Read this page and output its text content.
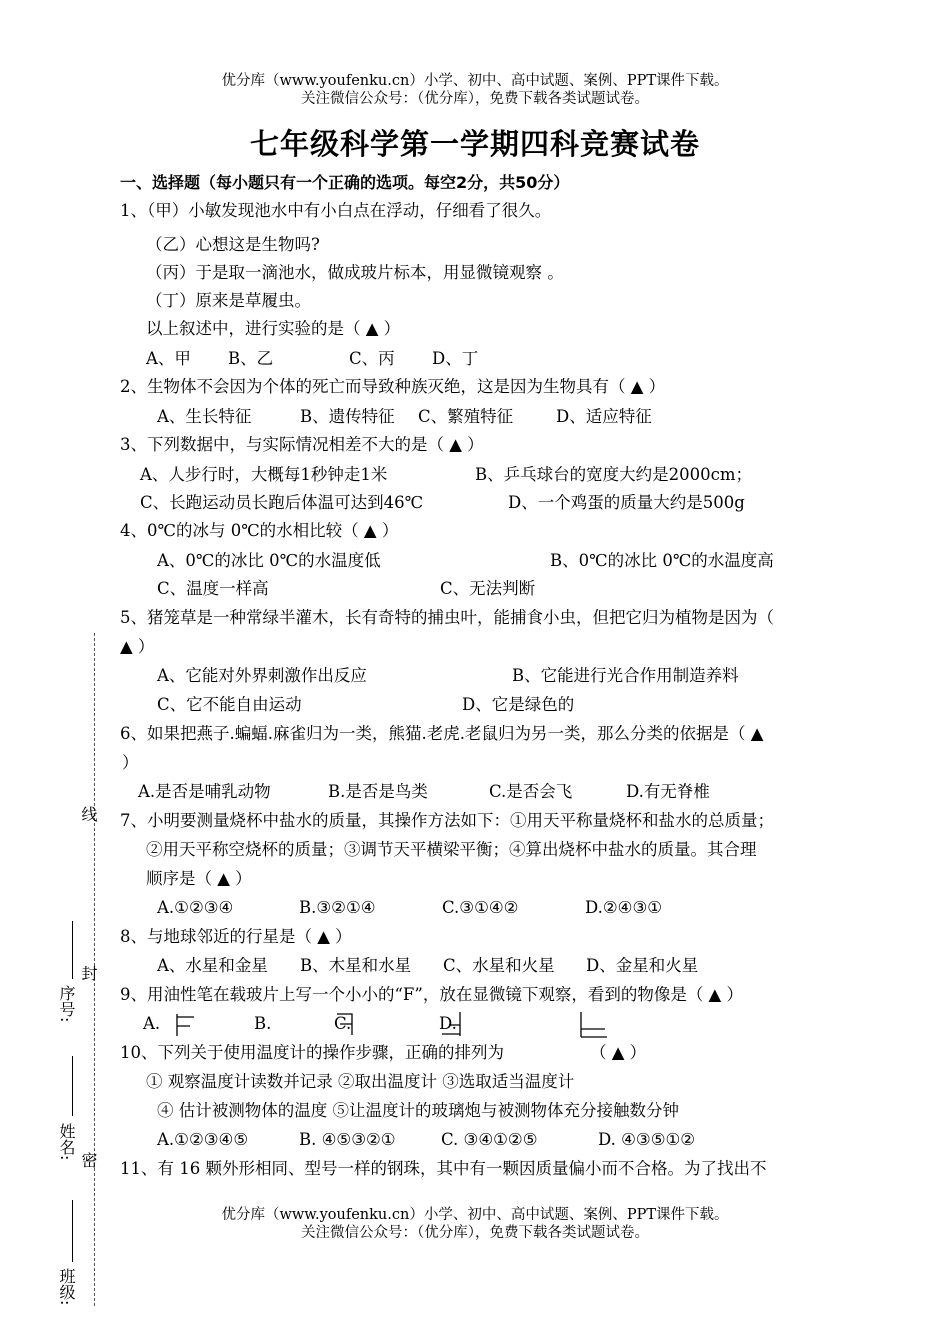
优分库（www.youfenku.cn）小学、初中、高中试题、案例、PPT课件下载。
关注微信公众号：（优分库），免费下载各类试题试卷。
七年级科学第一学期四科竞赛试卷
一、选择题（每小题只有一个正确的选项。每空2分，共50分）
1、（甲）小敏发现池水中有小白点在浮动，仔细看了很久。
（乙）心想这是生物吗?
（丙）于是取一滴池水，做成玻片标本，用显微镜观察 。
（丁）原来是草履虫。
以上叙述中，进行实验的是（ ▲ ）
A、甲 B、乙	C、丙 D、丁
2、生物体不会因为个体的死亡而导致种族灭绝，这是因为生物具有（ ▲ ）
A、生长特征	B、遗传特征 C、繁殖特征	D、适应特征
3、下列数据中，与实际情况相差不大的是（ ▲ ）
A、人步行时，大概每1秒钟走1米	B、乒乓球台的宽度大约是2000cm；
C、长跑运动员长跑后体温可达到46℃	D、一个鸡蛋的质量大约是500g
4、0℃的冰与 0℃的水相比较（ ▲ ）
A、0℃的冰比 0℃的水温度低	B、0℃的冰比 0℃的水温度高
C、温度一样高	C、无法判断
5、猪笼草是一种常绿半灌木，长有奇特的捕虫叶，能捕食小虫，但把它归为植物是因为（
▲ ）
A、它能对外界刺激作出反应	B、它能进行光合作用制造养料
C、它不能自由运动	D、它是绿色的
6、如果把燕子.蝙蝠.麻雀归为一类，熊猫.老虎.老鼠归为另一类，那么分类的依据是（ ▲
）
A.是否是哺乳动物	B.是否是鸟类	C.是否会飞	D.有无脊椎
7、小明要测量烧杯中盐水的质量，其操作方法如下：①用天平称量烧杯和盐水的总质量；
②用天平称空烧杯的质量；③调节天平横梁平衡；④算出烧杯中盐水的质量。其合理
顺序是（ ▲ ）
A.①②③④	B.③②①④	C.③①④②	D.②④③①
8、与地球邻近的行星是（ ▲ ）
A、水星和金星 B、木星和水星 C、水星和火星 D、金星和火星
9、用油性笔在载玻片上写一个小小的“F”，放在显微镜下观察，看到的物像是（ ▲ ）
A.	B.	C.	D.
10、下列关于使用温度计的操作步骤，正确的排列为	（ ▲ ）
① 观察温度计读数并记录 ②取出温度计 ③选取适当温度计
④ 估计被测物体的温度 ⑤让温度计的玻璃炮与被测物体充分接触数分钟
A.①②③④⑤	B. ④⑤③②①	C. ③④①②⑤	D. ④③⑤①②
11、有 16 颗外形相同、型号一样的钢珠，其中有一颗因质量偏小而不合格。为了找出不
优分库（www.youfenku.cn）小学、初中、高中试题、案例、PPT课件下载。
关注微信公众号：（优分库），免费下载各类试题试卷。
线
封
密
序号:
姓名:
班级:
